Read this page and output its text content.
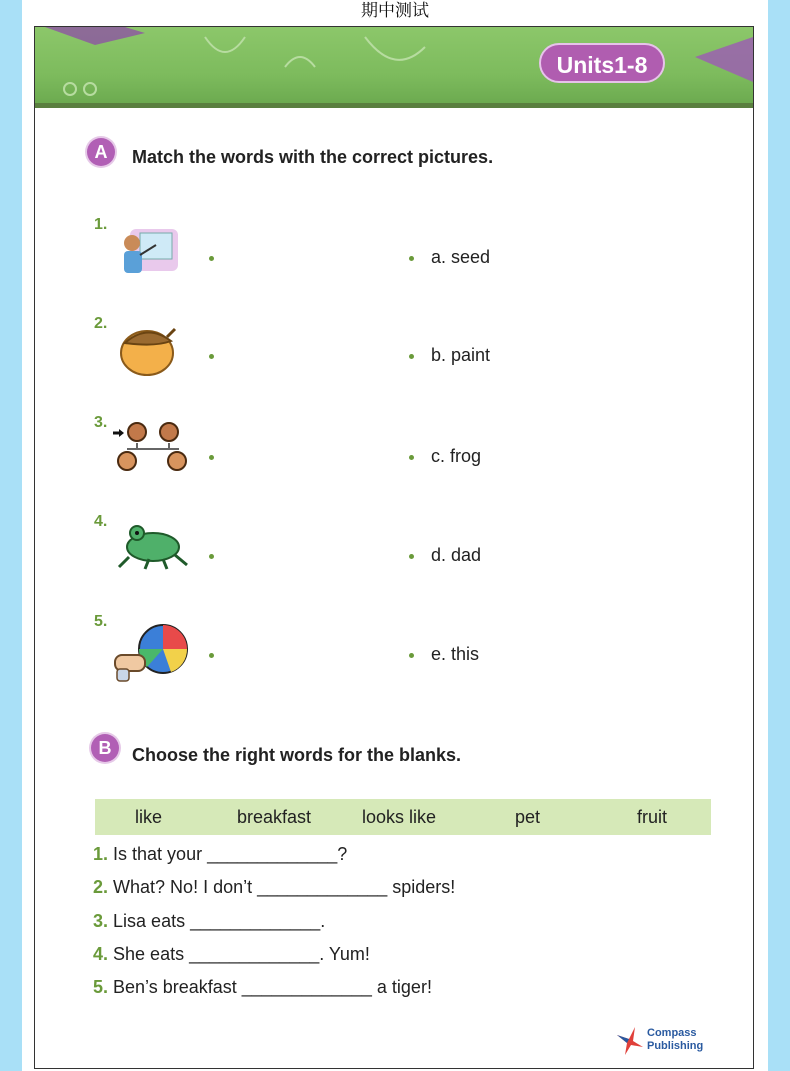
期中测试
Units1-8
A	Match the words with the correct pictures.
1.
a. seed
2.
b. paint
3.
c. frog
4.
d. dad
5.
e. this
B	Choose the right words for the blanks.
like	breakfast	looks like	pet	fruit
1. Is that your _____________?
2. What? No! I don’t _____________ spiders!
3. Lisa eats _____________.
4. She eats _____________. Yum!
5. Ben’s breakfast _____________ a tiger!
Compass
Publishing
